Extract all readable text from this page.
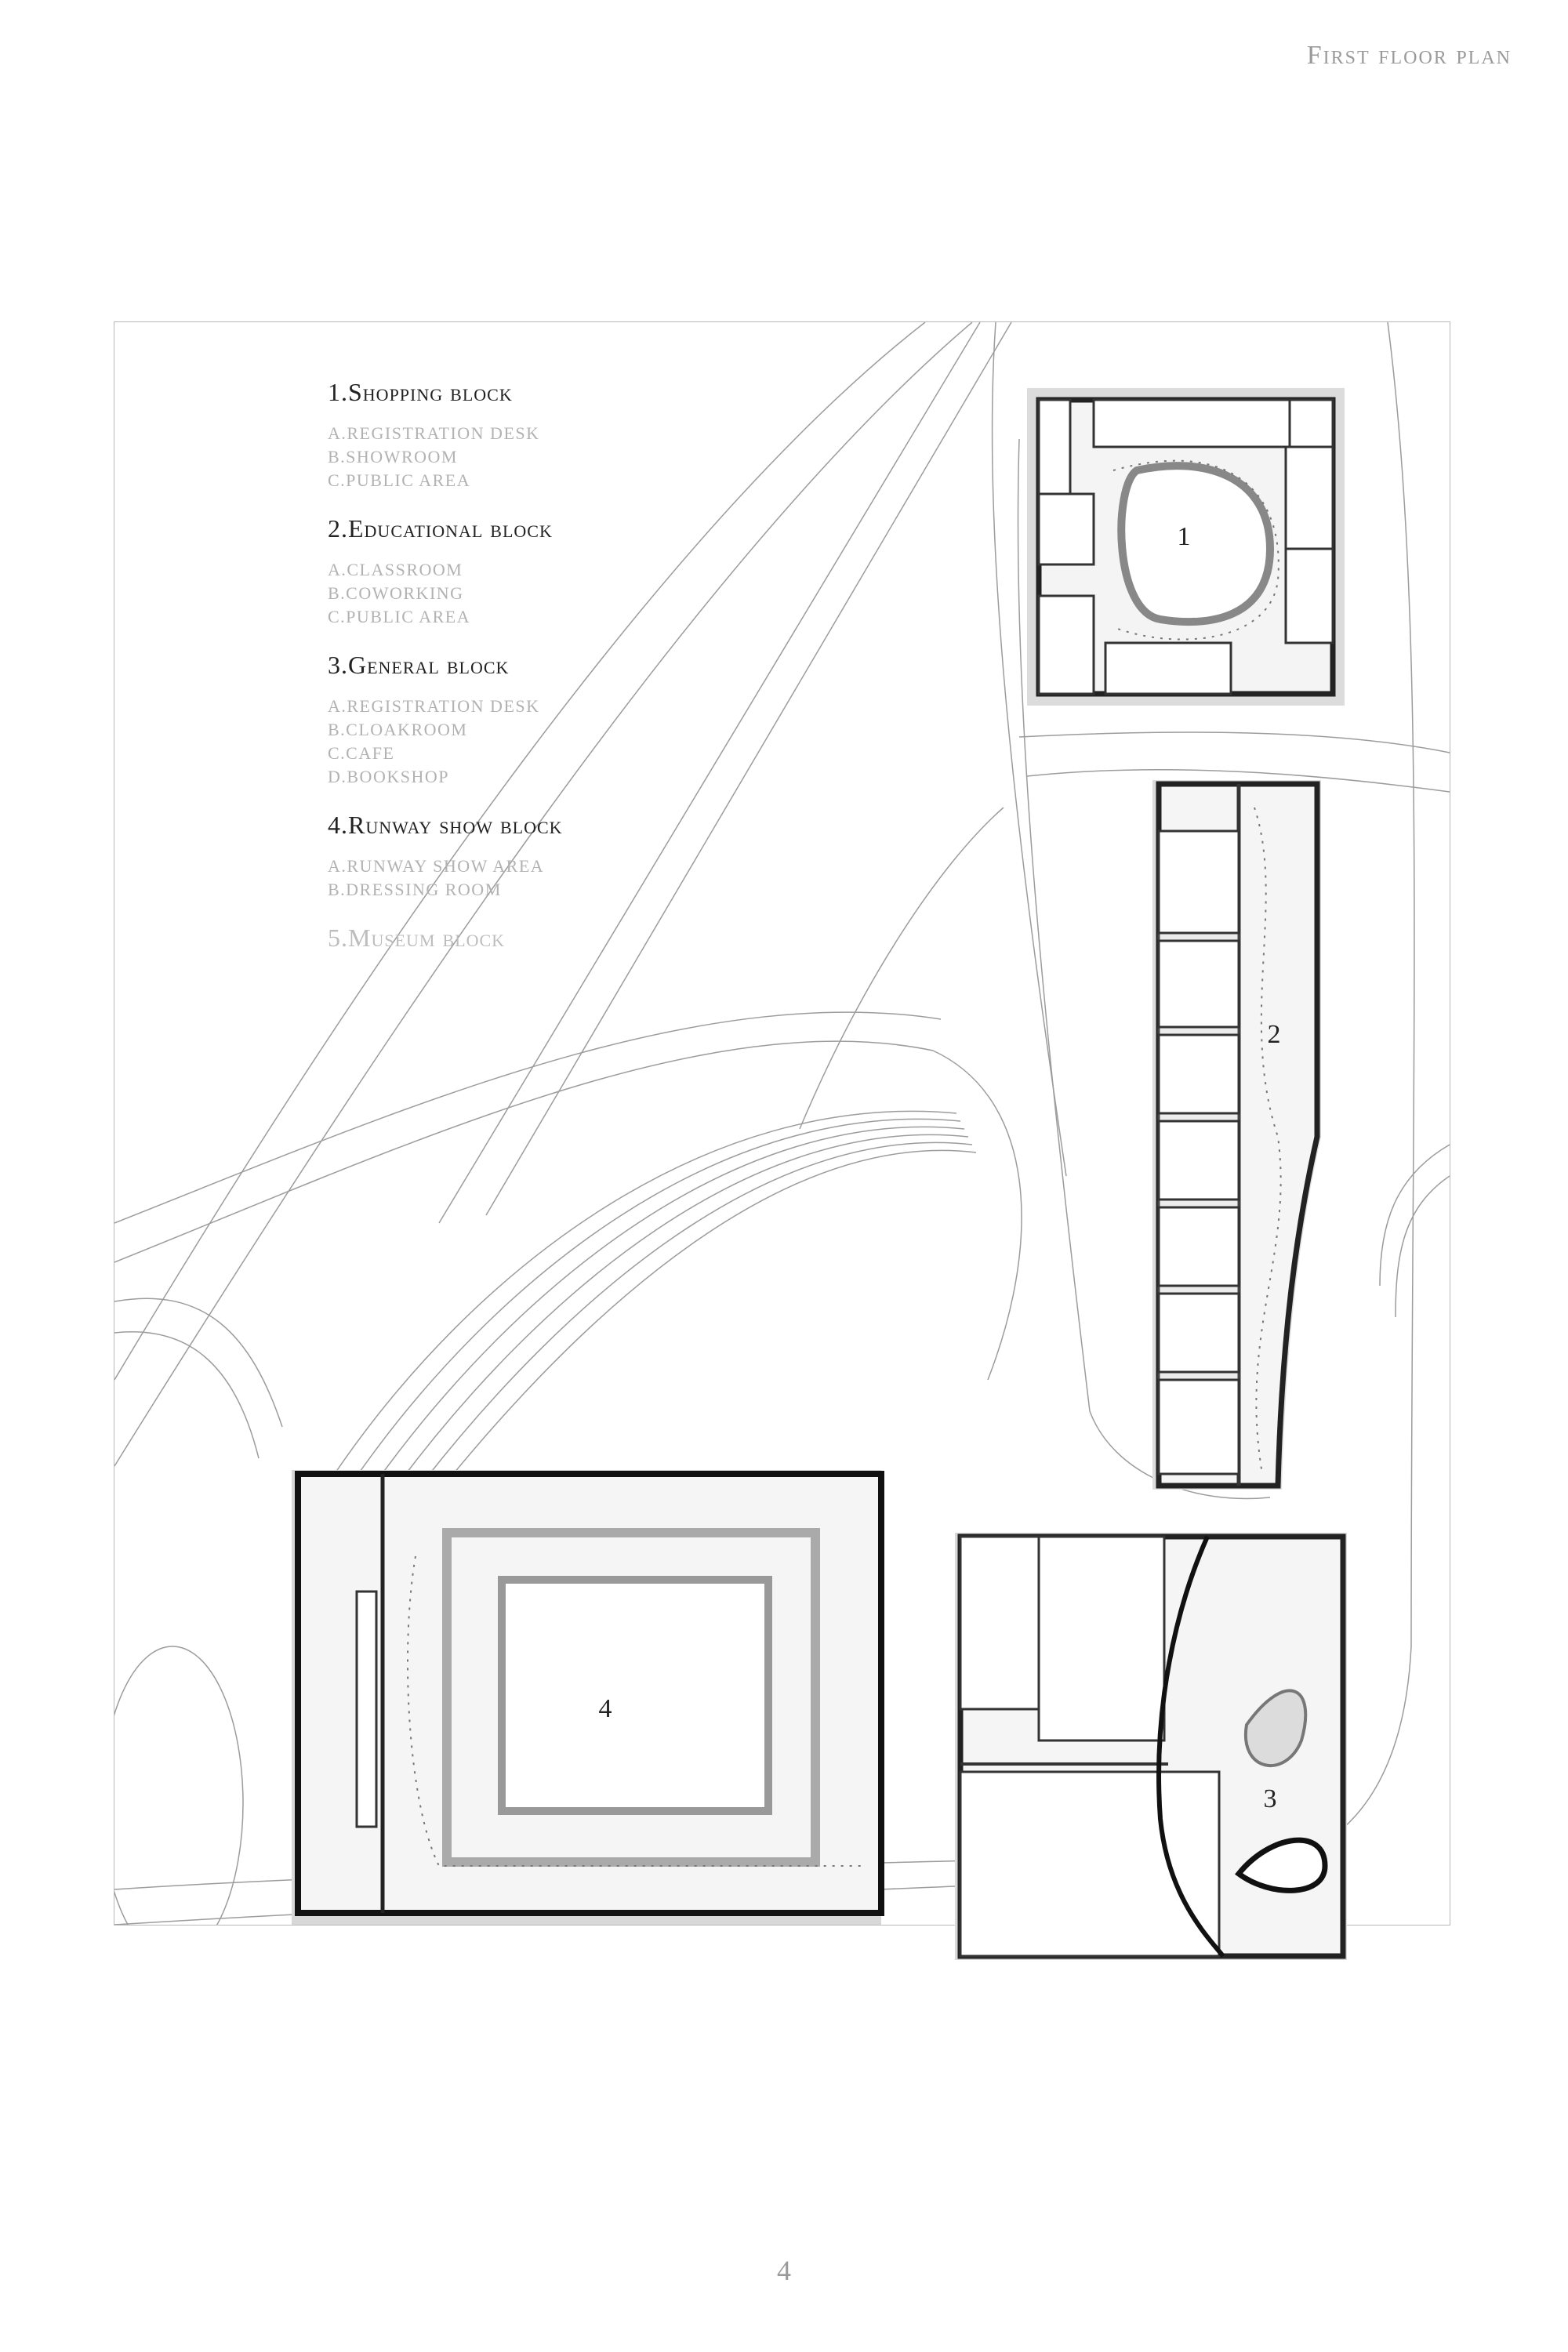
First floor plan
1
2
3
4
1.Shopping block
A.REGISTRATION DESK
B.SHOWROOM
C.PUBLIC AREA
2.Educational block
A.CLASSROOM
B.COWORKING
C.PUBLIC AREA
3.General block
A.REGISTRATION DESK
B.CLOAKROOM
C.CAFE
D.BOOKSHOP
4.Runway show block
A.RUNWAY SHOW AREA
B.DRESSING ROOM
5.Museum block
4
